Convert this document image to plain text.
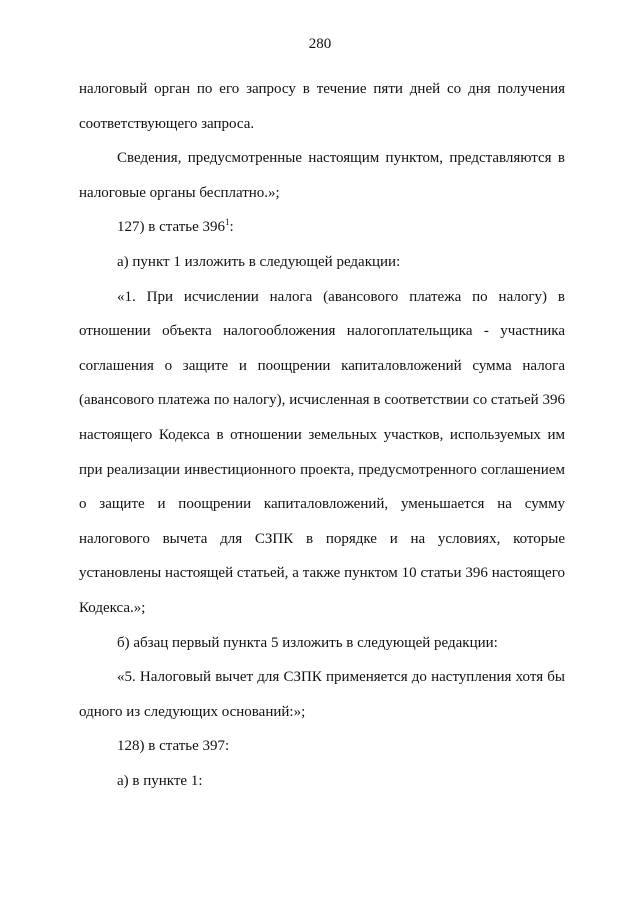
280

налоговый орган по его запросу в течение пяти дней со дня получения соответствующего запроса.

Сведения, предусмотренные настоящим пунктом, представляются в налоговые органы бесплатно.»;

127) в статье $396^1$:

а) пункт 1 изложить в следующей редакции:

«1. При исчислении налога (авансового платежа по налогу) в отношении объекта налогообложения налогоплательщика - участника соглашения о защите и поощрении капиталовложений сумма налога (авансового платежа по налогу), исчисленная в соответствии со статьей 396 настоящего Кодекса в отношении земельных участков, используемых им при реализации инвестиционного проекта, предусмотренного соглашением о защите и поощрении капиталовложений, уменьшается на сумму налогового вычета для СЗПК в порядке и на условиях, которые установлены настоящей статьей, а также пунктом 10 статьи 396 настоящего Кодекса.»;

б) абзац первый пункта 5 изложить в следующей редакции:

«5. Налоговый вычет для СЗПК применяется до наступления хотя бы одного из следующих оснований:»;

128) в статье 397:

а) в пункте 1:
